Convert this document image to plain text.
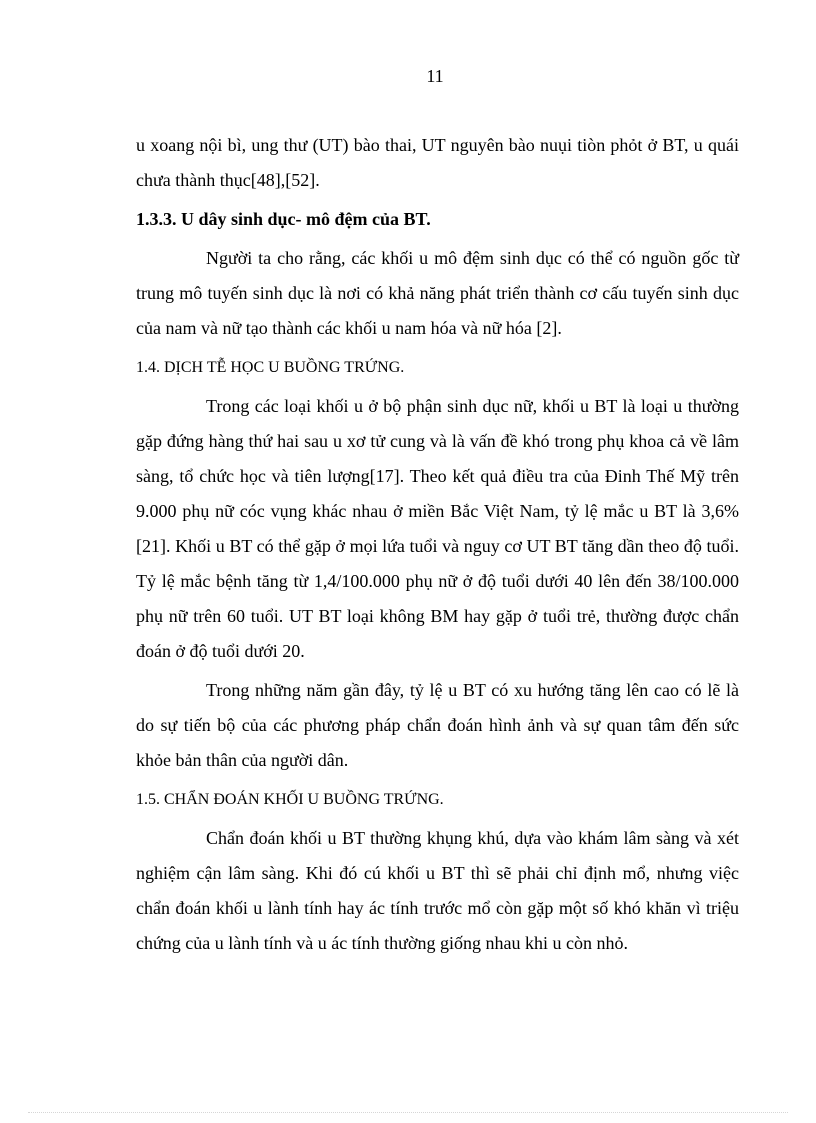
11

u xoang nội bì, ung thư (UT) bào thai, UT nguyên bào nuụi tiòn phỏt ở BT, u quái chưa thành thục[48],[52].

1.3.3. U dây sinh dục- mô đệm của BT.

Người ta cho rằng, các khối u mô đệm sinh dục có thể có nguồn gốc từ trung mô tuyến sinh dục là nơi có khả năng phát triển thành cơ cấu tuyến sinh dục của nam và nữ tạo thành các khối u nam hóa và nữ hóa [2].

1.4. DỊCH TỄ HỌC U BUỒNG TRỨNG.

Trong các loại khối u ở bộ phận sinh dục nữ, khối u BT là loại u thường gặp đứng hàng thứ hai sau u xơ tử cung và là vấn đề khó trong phụ khoa cả về lâm sàng, tổ chức học và tiên lượng[17]. Theo kết quả điều tra của Đinh Thế Mỹ trên 9.000 phụ nữ cóc vụng khác nhau ở miền Bắc Việt Nam, tỷ lệ mắc u BT là 3,6% [21]. Khối u BT có thể gặp ở mọi lứa tuổi và nguy cơ UT BT tăng dần theo độ tuổi. Tỷ lệ mắc bệnh tăng từ 1,4/100.000 phụ nữ ở độ tuổi dưới 40 lên đến 38/100.000 phụ nữ trên 60 tuổi. UT BT loại không BM hay gặp ở tuổi trẻ, thường được chẩn đoán ở độ tuổi dưới 20.

Trong những năm gần đây, tỷ lệ u BT có xu hướng tăng lên cao có lẽ là do sự tiến bộ của các phương pháp chẩn đoán hình ảnh và sự quan tâm đến sức khỏe bản thân của người dân.

1.5. CHẨN ĐOÁN KHỐI U BUỒNG TRỨNG.

Chẩn đoán khối u BT thường khụng khú, dựa vào khám lâm sàng và xét nghiệm cận lâm sàng. Khi đó cú khối u BT thì sẽ phải chỉ định mổ, nhưng việc chẩn đoán khối u lành tính hay ác tính trước mổ còn gặp một số khó khăn vì triệu chứng của u lành tính và u ác tính thường giống nhau khi u còn nhỏ.
